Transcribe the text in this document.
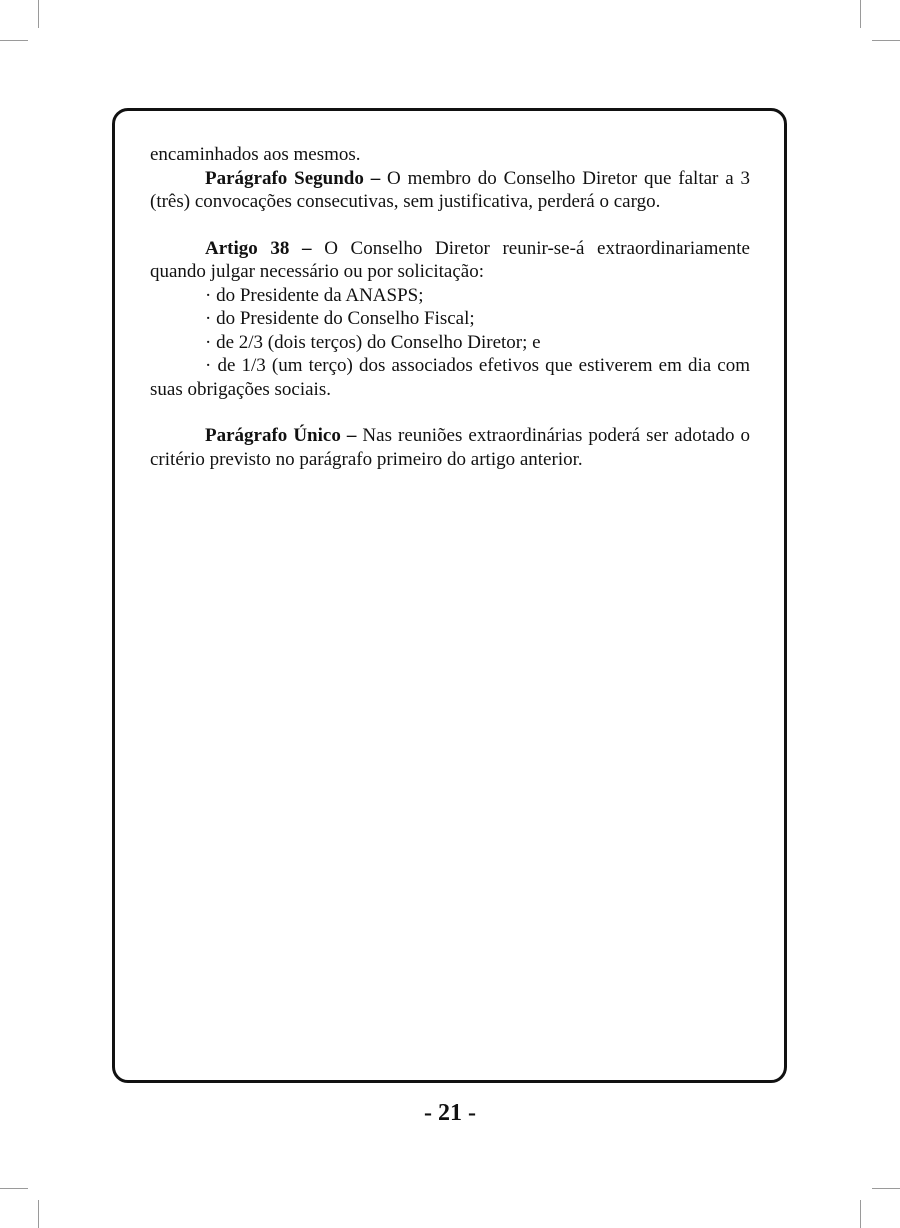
encaminhados aos mesmos.

Parágrafo Segundo – O membro do Conselho Diretor que faltar a 3 (três) convocações consecutivas, sem justificativa, perderá o cargo.

Artigo 38 – O Conselho Diretor reunir-se-á extraordinariamente quando julgar necessário ou por solicitação:

· do Presidente da ANASPS;

· do Presidente do Conselho Fiscal;

· de 2/3 (dois terços) do Conselho Diretor; e

· de 1/3 (um terço) dos associados efetivos que estiverem em dia com suas obrigações sociais.

Parágrafo Único – Nas reuniões extraordinárias poderá ser adotado o critério previsto no parágrafo primeiro do artigo anterior.

- 21 -
